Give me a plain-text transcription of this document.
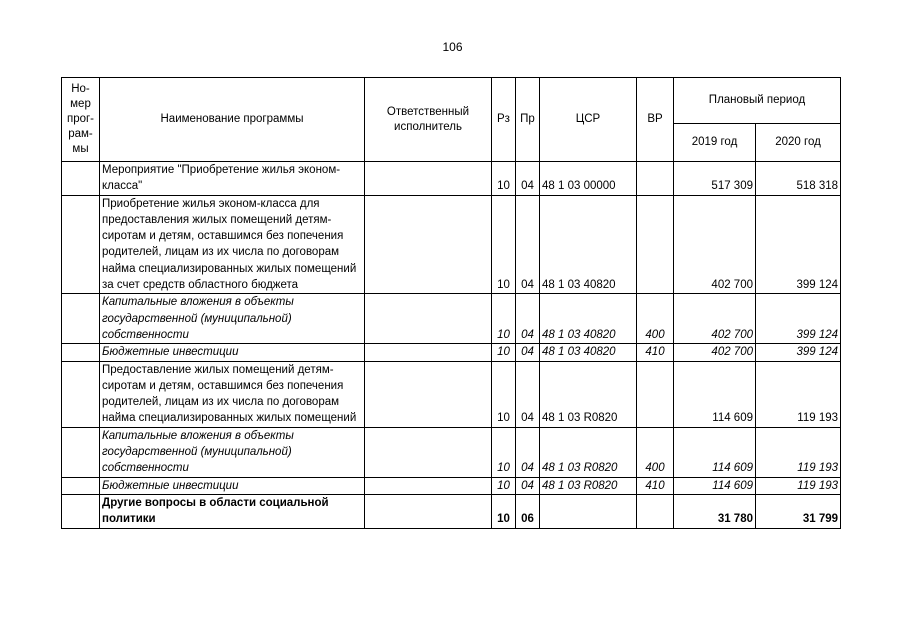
106
Но-
мер
прог-
рам-
мы	Наименование программы	Ответственный исполнитель	Рз	Пр	ЦСР	ВР	Плановый период	
							2019 год	2020 год
	Мероприятие "Приобретение жилья эконом-класса"		10	04	48 1 03 00000		517 309	518 318
	Приобретение жилья эконом-класса для предоставления жилых помещений детям-сиротам и детям, оставшимся без попечения родителей, лицам из их числа по договорам найма специализированных жилых помещений за счет средств областного бюджета		10	04	48 1 03 40820		402 700	399 124
	Капитальные вложения в объекты государственной (муниципальной) собственности		10	04	48 1 03 40820	400	402 700	399 124
	Бюджетные инвестиции		10	04	48 1 03 40820	410	402 700	399 124
	Предоставление жилых помещений детям-сиротам и детям, оставшимся без попечения родителей, лицам из их числа по договорам найма специализированных жилых помещений		10	04	48 1 03 R0820		114 609	119 193
	Капитальные вложения в объекты государственной (муниципальной) собственности		10	04	48 1 03 R0820	400	114 609	119 193
	Бюджетные инвестиции		10	04	48 1 03 R0820	410	114 609	119 193
	Другие вопросы в области социальной политики		10	06			31 780	31 799
